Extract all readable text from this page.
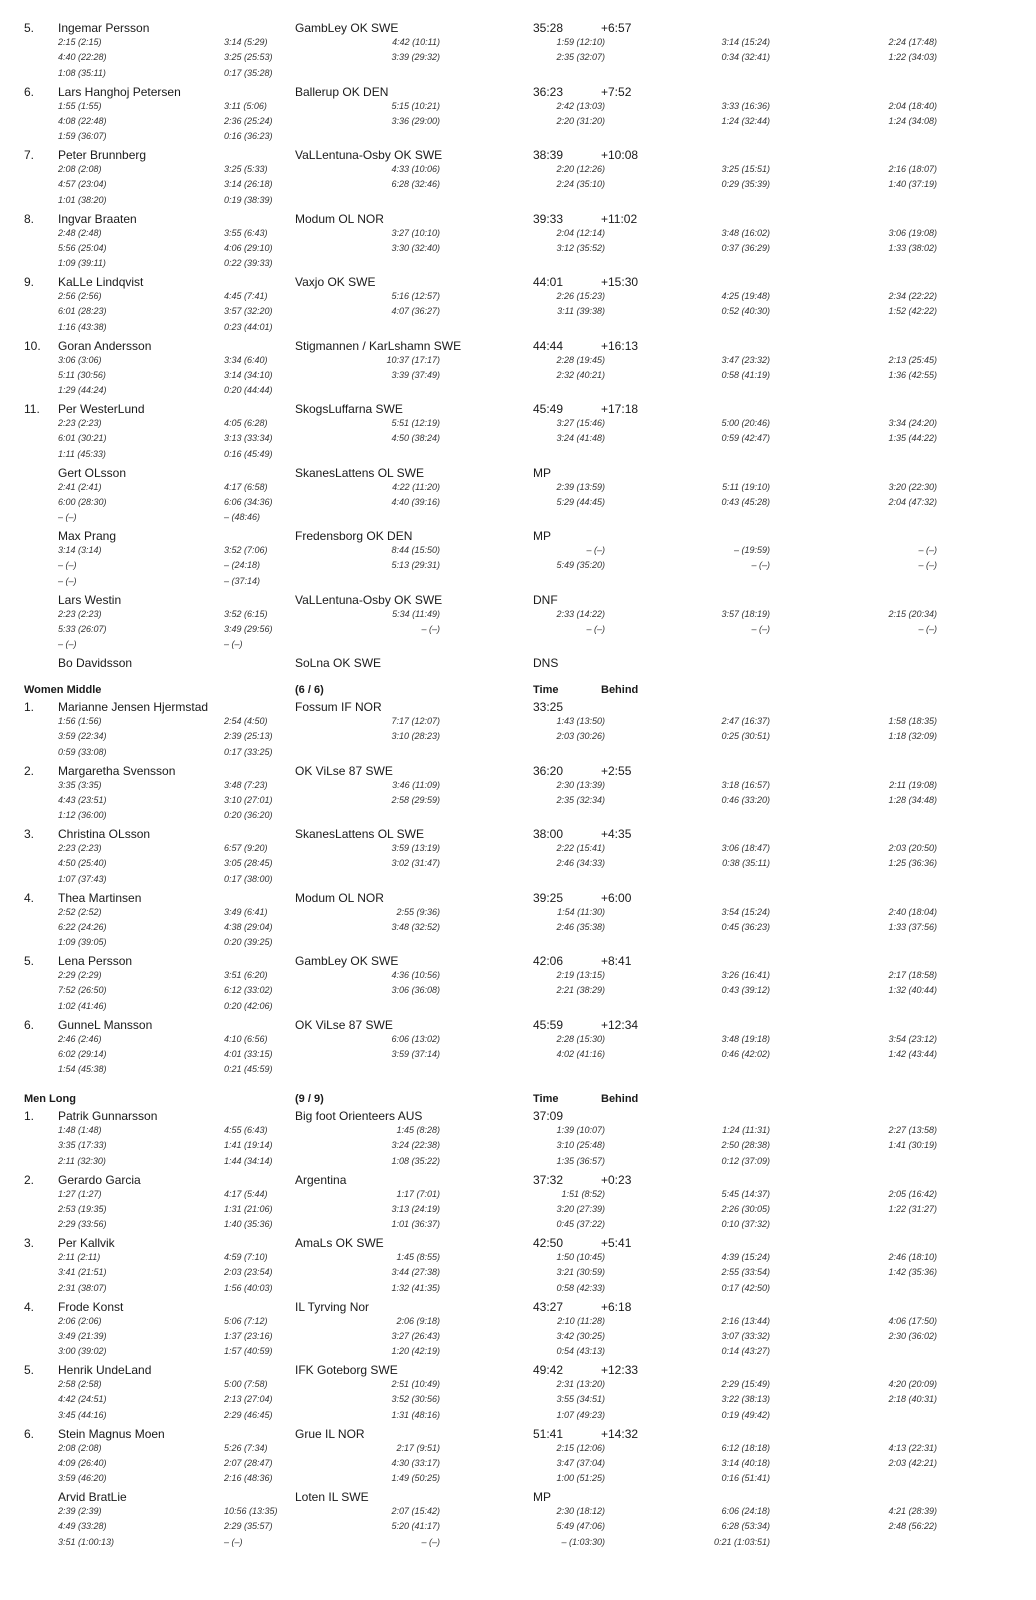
5. Ingemar Persson	GambLey OK SWE	35:28	+6:57
2:15 (2:15)	3:14 (5:29)	4:42 (10:11)	1:59 (12:10)	3:14 (15:24)	2:24 (17:48)
4:40 (22:28)	3:25 (25:53)	3:39 (29:32)	2:35 (32:07)	0:34 (32:41)	1:22 (34:03)
1:08 (35:11)	0:17 (35:28)
6. Lars Hanghoj Petersen	Ballerup OK DEN	36:23	+7:52
1:55 (1:55)	3:11 (5:06)	5:15 (10:21)	2:42 (13:03)	3:33 (16:36)	2:04 (18:40)
4:08 (22:48)	2:36 (25:24)	3:36 (29:00)	2:20 (31:20)	1:24 (32:44)	1:24 (34:08)
1:59 (36:07)	0:16 (36:23)
7. Peter Brunnberg	VaLLentuna-Osby OK SWE	38:39	+10:08
2:08 (2:08)	3:25 (5:33)	4:33 (10:06)	2:20 (12:26)	3:25 (15:51)	2:16 (18:07)
4:57 (23:04)	3:14 (26:18)	6:28 (32:46)	2:24 (35:10)	0:29 (35:39)	1:40 (37:19)
1:01 (38:20)	0:19 (38:39)
8. Ingvar Braaten	Modum OL NOR	39:33	+11:02
2:48 (2:48)	3:55 (6:43)	3:27 (10:10)	2:04 (12:14)	3:48 (16:02)	3:06 (19:08)
5:56 (25:04)	4:06 (29:10)	3:30 (32:40)	3:12 (35:52)	0:37 (36:29)	1:33 (38:02)
1:09 (39:11)	0:22 (39:33)
9. KaLLe Lindqvist	Vaxjo OK SWE	44:01	+15:30
2:56 (2:56)	4:45 (7:41)	5:16 (12:57)	2:26 (15:23)	4:25 (19:48)	2:34 (22:22)
6:01 (28:23)	3:57 (32:20)	4:07 (36:27)	3:11 (39:38)	0:52 (40:30)	1:52 (42:22)
1:16 (43:38)	0:23 (44:01)
10. Goran Andersson	Stigmannen / KarLshamn SWE	44:44	+16:13
3:06 (3:06)	3:34 (6:40)	10:37 (17:17)	2:28 (19:45)	3:47 (23:32)	2:13 (25:45)
5:11 (30:56)	3:14 (34:10)	3:39 (37:49)	2:32 (40:21)	0:58 (41:19)	1:36 (42:55)
1:29 (44:24)	0:20 (44:44)
11. Per WesterLund	SkogsLuffarna SWE	45:49	+17:18
2:23 (2:23)	4:05 (6:28)	5:51 (12:19)	3:27 (15:46)	5:00 (20:46)	3:34 (24:20)
6:01 (30:21)	3:13 (33:34)	4:50 (38:24)	3:24 (41:48)	0:59 (42:47)	1:35 (44:22)
1:11 (45:33)	0:16 (45:49)
Gert OLsson	SkanesLattens OL SWE	MP
2:41 (2:41)	4:17 (6:58)	4:22 (11:20)	2:39 (13:59)	5:11 (19:10)	3:20 (22:30)
6:00 (28:30)	6:06 (34:36)	4:40 (39:16)	5:29 (44:45)	0:43 (45:28)	2:04 (47:32)
– (–)	– (48:46)
Max Prang	Fredensborg OK DEN	MP
3:14 (3:14)	3:52 (7:06)	8:44 (15:50)	– (–)	– (19:59)	– (–)
– (–)	– (24:18)	5:13 (29:31)	5:49 (35:20)	– (–)	– (–)
– (–)	– (37:14)
Lars Westin	VaLLentuna-Osby OK SWE	DNF
2:23 (2:23)	3:52 (6:15)	5:34 (11:49)	2:33 (14:22)	3:57 (18:19)	2:15 (20:34)
5:33 (26:07)	3:49 (29:56)	– (–)	– (–)	– (–)	– (–)
– (–)	– (–)
Bo Davidsson	SoLna OK SWE	DNS
Women Middle	(6 / 6)	Time	Behind
1. Marianne Jensen Hjermstad	Fossum IF NOR	33:25
1:56 (1:56)	2:54 (4:50)	7:17 (12:07)	1:43 (13:50)	2:47 (16:37)	1:58 (18:35)
3:59 (22:34)	2:39 (25:13)	3:10 (28:23)	2:03 (30:26)	0:25 (30:51)	1:18 (32:09)
0:59 (33:08)	0:17 (33:25)
2. Margaretha Svensson	OK ViLse 87 SWE	36:20	+2:55
3:35 (3:35)	3:48 (7:23)	3:46 (11:09)	2:30 (13:39)	3:18 (16:57)	2:11 (19:08)
4:43 (23:51)	3:10 (27:01)	2:58 (29:59)	2:35 (32:34)	0:46 (33:20)	1:28 (34:48)
1:12 (36:00)	0:20 (36:20)
3. Christina OLsson	SkanesLattens OL SWE	38:00	+4:35
2:23 (2:23)	6:57 (9:20)	3:59 (13:19)	2:22 (15:41)	3:06 (18:47)	2:03 (20:50)
4:50 (25:40)	3:05 (28:45)	3:02 (31:47)	2:46 (34:33)	0:38 (35:11)	1:25 (36:36)
1:07 (37:43)	0:17 (38:00)
4. Thea Martinsen	Modum OL NOR	39:25	+6:00
2:52 (2:52)	3:49 (6:41)	2:55 (9:36)	1:54 (11:30)	3:54 (15:24)	2:40 (18:04)
6:22 (24:26)	4:38 (29:04)	3:48 (32:52)	2:46 (35:38)	0:45 (36:23)	1:33 (37:56)
1:09 (39:05)	0:20 (39:25)
5. Lena Persson	GambLey OK SWE	42:06	+8:41
2:29 (2:29)	3:51 (6:20)	4:36 (10:56)	2:19 (13:15)	3:26 (16:41)	2:17 (18:58)
7:52 (26:50)	6:12 (33:02)	3:06 (36:08)	2:21 (38:29)	0:43 (39:12)	1:32 (40:44)
1:02 (41:46)	0:20 (42:06)
6. GunneL Mansson	OK ViLse 87 SWE	45:59	+12:34
2:46 (2:46)	4:10 (6:56)	6:06 (13:02)	2:28 (15:30)	3:48 (19:18)	3:54 (23:12)
6:02 (29:14)	4:01 (33:15)	3:59 (37:14)	4:02 (41:16)	0:46 (42:02)	1:42 (43:44)
1:54 (45:38)	0:21 (45:59)
Men Long	(9 / 9)	Time	Behind
1. Patrik Gunnarsson	Big foot Orienteers AUS	37:09
1:48 (1:48)	4:55 (6:43)	1:45 (8:28)	1:39 (10:07)	1:24 (11:31)	2:27 (13:58)
3:35 (17:33)	1:41 (19:14)	3:24 (22:38)	3:10 (25:48)	2:50 (28:38)	1:41 (30:19)
2:11 (32:30)	1:44 (34:14)	1:08 (35:22)	1:35 (36:57)	0:12 (37:09)
2. Gerardo Garcia	Argentina	37:32	+0:23
1:27 (1:27)	4:17 (5:44)	1:17 (7:01)	1:51 (8:52)	5:45 (14:37)	2:05 (16:42)
2:53 (19:35)	1:31 (21:06)	3:13 (24:19)	3:20 (27:39)	2:26 (30:05)	1:22 (31:27)
2:29 (33:56)	1:40 (35:36)	1:01 (36:37)	0:45 (37:22)	0:10 (37:32)
3. Per Kallvik	AmaLs OK SWE	42:50	+5:41
2:11 (2:11)	4:59 (7:10)	1:45 (8:55)	1:50 (10:45)	4:39 (15:24)	2:46 (18:10)
3:41 (21:51)	2:03 (23:54)	3:44 (27:38)	3:21 (30:59)	2:55 (33:54)	1:42 (35:36)
2:31 (38:07)	1:56 (40:03)	1:32 (41:35)	0:58 (42:33)	0:17 (42:50)
4. Frode Konst	IL Tyrving Nor	43:27	+6:18
2:06 (2:06)	5:06 (7:12)	2:06 (9:18)	2:10 (11:28)	2:16 (13:44)	4:06 (17:50)
3:49 (21:39)	1:37 (23:16)	3:27 (26:43)	3:42 (30:25)	3:07 (33:32)	2:30 (36:02)
3:00 (39:02)	1:57 (40:59)	1:20 (42:19)	0:54 (43:13)	0:14 (43:27)
5. Henrik UndeLand	IFK Goteborg SWE	49:42	+12:33
2:58 (2:58)	5:00 (7:58)	2:51 (10:49)	2:31 (13:20)	2:29 (15:49)	4:20 (20:09)
4:42 (24:51)	2:13 (27:04)	3:52 (30:56)	3:55 (34:51)	3:22 (38:13)	2:18 (40:31)
3:45 (44:16)	2:29 (46:45)	1:31 (48:16)	1:07 (49:23)	0:19 (49:42)
6. Stein Magnus Moen	Grue IL NOR	51:41	+14:32
2:08 (2:08)	5:26 (7:34)	2:17 (9:51)	2:15 (12:06)	6:12 (18:18)	4:13 (22:31)
4:09 (26:40)	2:07 (28:47)	4:30 (33:17)	3:47 (37:04)	3:14 (40:18)	2:03 (42:21)
3:59 (46:20)	2:16 (48:36)	1:49 (50:25)	1:00 (51:25)	0:16 (51:41)
Arvid BratLie	Loten IL SWE	MP
2:39 (2:39)	10:56 (13:35)	2:07 (15:42)	2:30 (18:12)	6:06 (24:18)	4:21 (28:39)
4:49 (33:28)	2:29 (35:57)	5:20 (41:17)	5:49 (47:06)	6:28 (53:34)	2:48 (56:22)
3:51 (1:00:13)	– (–)	– (–)	– (1:03:30)	0:21 (1:03:51)
